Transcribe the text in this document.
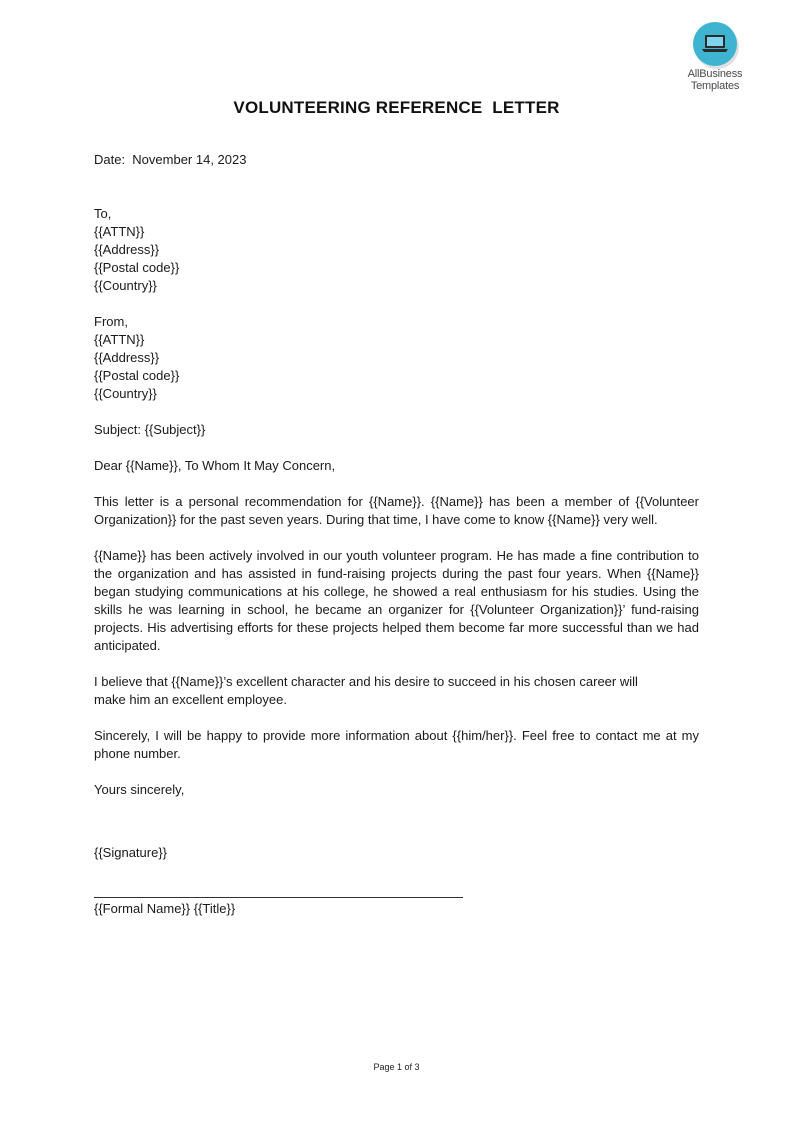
AllBusiness
Templates
VOLUNTEERING REFERENCE  LETTER
Date:  November 14, 2023
To,
{{ATTN}}
{{Address}}
{{Postal code}}
{{Country}}
From,
{{ATTN}}
{{Address}}
{{Postal code}}
{{Country}}
Subject: {{Subject}}
Dear {{Name}}, To Whom It May Concern,
This letter is a personal recommendation for {{Name}}. {{Name}} has been a member of {{Volunteer Organization}} for the past seven years. During that time, I have come to know {{Name}} very well.
{{Name}} has been actively involved in our youth volunteer program. He has made a fine contribution to the organization and has assisted in fund-raising projects during the past four years. When {{Name}} began studying communications at his college, he showed a real enthusiasm for his studies. Using the skills he was learning in school, he became an organizer for {{Volunteer Organization}}’ fund-raising projects. His advertising efforts for these projects helped them become far more successful than we had anticipated.
I believe that {{Name}}’s excellent character and his desire to succeed in his chosen career will
make him an excellent employee.
Sincerely, I will be happy to provide more information about {{him/her}}. Feel free to contact me at my phone number.
Yours sincerely,
{{Signature}}
{{Formal Name}} {{Title}}
Page 1 of 3
